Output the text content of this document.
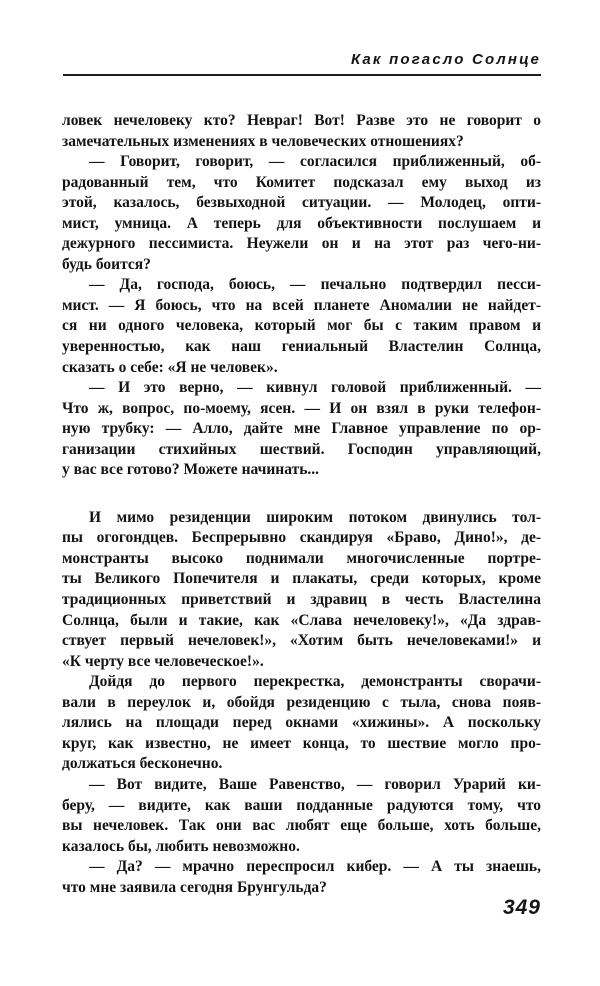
Как погасло Солнце
ловек нечеловеку кто? Невраг! Вот! Разве это не говорит о
замечательных изменениях в человеческих отношениях?
— Говорит, говорит, — согласился приближенный, об-
радованный тем, что Комитет подсказал ему выход из
этой, казалось, безвыходной ситуации. — Молодец, опти-
мист, умница. А теперь для объективности послушаем и
дежурного пессимиста. Неужели он и на этот раз чего-ни-
будь боится?
— Да, господа, боюсь, — печально подтвердил песси-
мист. — Я боюсь, что на всей планете Аномалии не найдет-
ся ни одного человека, который мог бы с таким правом и
уверенностью, как наш гениальный Властелин Солнца,
сказать о себе: «Я не человек».
— И это верно, — кивнул головой приближенный. —
Что ж, вопрос, по-моему, ясен. — И он взял в руки телефон-
ную трубку: — Алло, дайте мне Главное управление по ор-
ганизации стихийных шествий. Господин управляющий,
у вас все готово? Можете начинать...
И мимо резиденции широким потоком двинулись тол-
пы огогондцев. Беспрерывно скандируя «Браво, Дино!», де-
монстранты высоко поднимали многочисленные портре-
ты Великого Попечителя и плакаты, среди которых, кроме
традиционных приветствий и здравиц в честь Властелина
Солнца, были и такие, как «Слава нечеловеку!», «Да здрав-
ствует первый нечеловек!», «Хотим быть нечеловеками!» и
«К черту все человеческое!».
Дойдя до первого перекрестка, демонстранты сворачи-
вали в переулок и, обойдя резиденцию с тыла, снова появ-
лялись на площади перед окнами «хижины». А поскольку
круг, как известно, не имеет конца, то шествие могло про-
должаться бесконечно.
— Вот видите, Ваше Равенство, — говорил Урарий ки-
беру, — видите, как ваши подданные радуются тому, что
вы нечеловек. Так они вас любят еще больше, хоть больше,
казалось бы, любить невозможно.
— Да? — мрачно переспросил кибер. — А ты знаешь,
что мне заявила сегодня Брунгульда?
349
